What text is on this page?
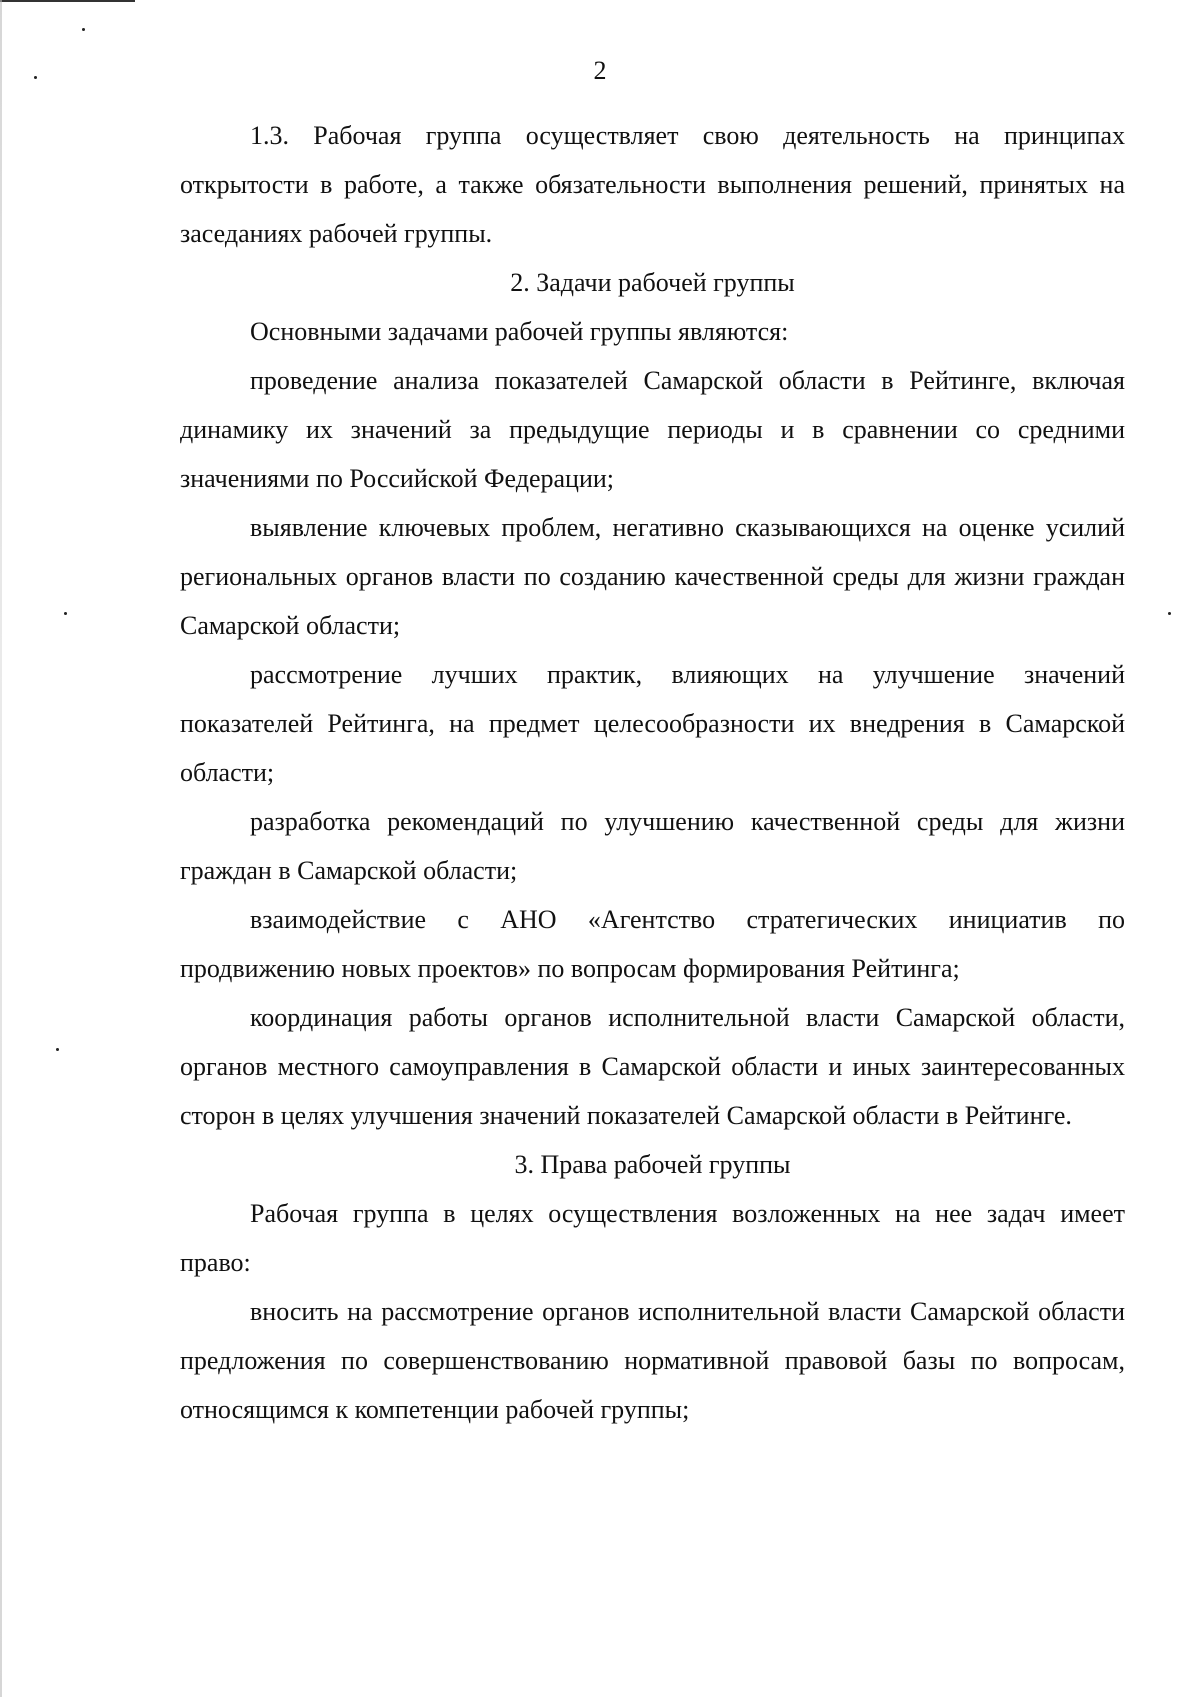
2

1.3. Рабочая группа осуществляет свою деятельность на принципах открытости в работе, а также обязательности выполнения решений, принятых на заседаниях рабочей группы.

2. Задачи рабочей группы

Основными задачами рабочей группы являются:

проведение анализа показателей Самарской области в Рейтинге, включая динамику их значений за предыдущие периоды и в сравнении со средними значениями по Российской Федерации;

выявление ключевых проблем, негативно сказывающихся на оценке усилий региональных органов власти по созданию качественной среды для жизни граждан Самарской области;

рассмотрение лучших практик, влияющих на улучшение значений показателей Рейтинга, на предмет целесообразности их внедрения в Самарской области;

разработка рекомендаций по улучшению качественной среды для жизни граждан в Самарской области;

взаимодействие с АНО «Агентство стратегических инициатив по продвижению новых проектов» по вопросам формирования Рейтинга;

координация работы органов исполнительной власти Самарской области, органов местного самоуправления в Самарской области и иных заинтересованных сторон в целях улучшения значений показателей Самарской области в Рейтинге.

3. Права рабочей группы

Рабочая группа в целях осуществления возложенных на нее задач имеет право:

вносить на рассмотрение органов исполнительной власти Самарской области предложения по совершенствованию нормативной правовой базы по вопросам, относящимся к компетенции рабочей группы;
